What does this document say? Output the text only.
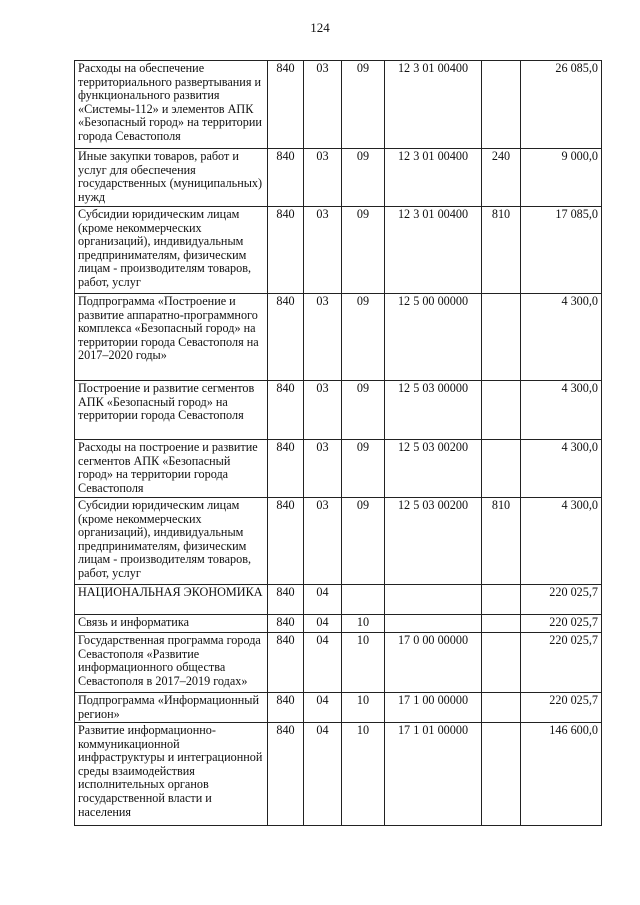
124
Расходы на обеспечение территориального развертывания и функционального развития «Системы-112» и элементов АПК «Безопасный город» на территории города Севастополя	840	03	09	12 3 01 00400		26 085,0
Иные закупки товаров, работ и услуг для обеспечения государственных (муниципальных) нужд	840	03	09	12 3 01 00400	240	9 000,0
Субсидии юридическим лицам (кроме некоммерческих организаций), индивидуальным предпринимателям, физическим лицам - производителям товаров, работ, услуг	840	03	09	12 3 01 00400	810	17 085,0
Подпрограмма «Построение и развитие аппаратно-программного комплекса «Безопасный город» на территории города Севастополя на 2017–2020 годы»	840	03	09	12 5 00 00000		4 300,0
Построение и развитие сегментов АПК «Безопасный город» на территории города Севастополя	840	03	09	12 5 03 00000		4 300,0
Расходы на построение и развитие сегментов АПК «Безопасный город» на территории города Севастополя	840	03	09	12 5 03 00200		4 300,0
Субсидии юридическим лицам (кроме некоммерческих организаций), индивидуальным предпринимателям, физическим лицам - производителям товаров, работ, услуг	840	03	09	12 5 03 00200	810	4 300,0
НАЦИОНАЛЬНАЯ ЭКОНОМИКА	840	04				220 025,7
Связь и информатика	840	04	10			220 025,7
Государственная программа города Севастополя «Развитие информационного общества Севастополя в 2017–2019 годах»	840	04	10	17 0 00 00000		220 025,7
Подпрограмма «Информационный регион»	840	04	10	17 1 00 00000		220 025,7
Развитие информационно-коммуникационной инфраструктуры и интеграционной среды взаимодействия исполнительных органов государственной власти и населения	840	04	10	17 1 01 00000		146 600,0
